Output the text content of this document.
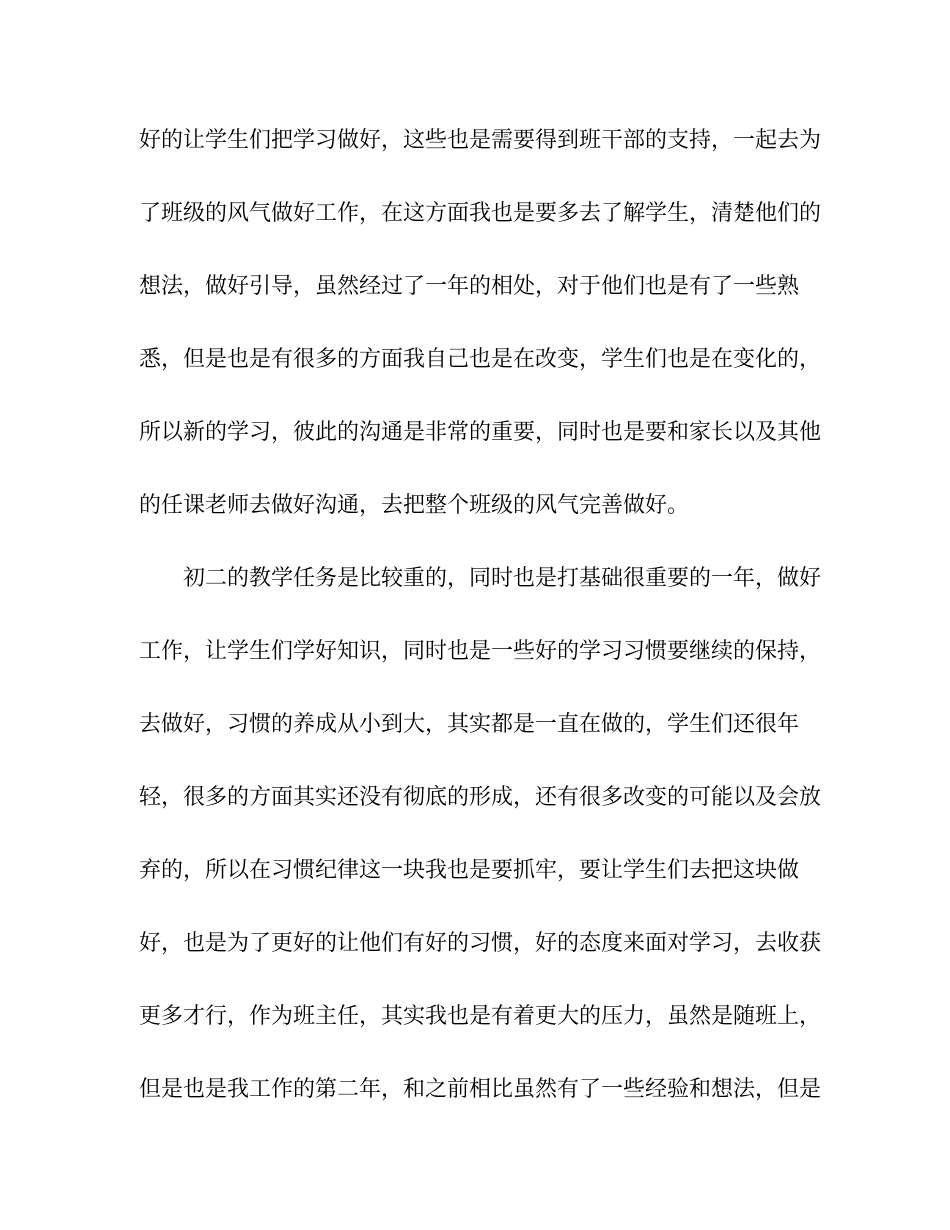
好的让学生们把学习做好，这些也是需要得到班干部的支持，一起去为
了班级的风气做好工作，在这方面我也是要多去了解学生，清楚他们的
想法，做好引导，虽然经过了一年的相处，对于他们也是有了一些熟
悉，但是也是有很多的方面我自己也是在改变，学生们也是在变化的，
所以新的学习，彼此的沟通是非常的重要，同时也是要和家长以及其他
的任课老师去做好沟通，去把整个班级的风气完善做好。
初二的教学任务是比较重的，同时也是打基础很重要的一年，做好
工作，让学生们学好知识，同时也是一些好的学习习惯要继续的保持，
去做好，习惯的养成从小到大，其实都是一直在做的，学生们还很年
轻，很多的方面其实还没有彻底的形成，还有很多改变的可能以及会放
弃的，所以在习惯纪律这一块我也是要抓牢，要让学生们去把这块做
好，也是为了更好的让他们有好的习惯，好的态度来面对学习，去收获
更多才行，作为班主任，其实我也是有着更大的压力，虽然是随班上，
但是也是我工作的第二年，和之前相比虽然有了一些经验和想法，但是
